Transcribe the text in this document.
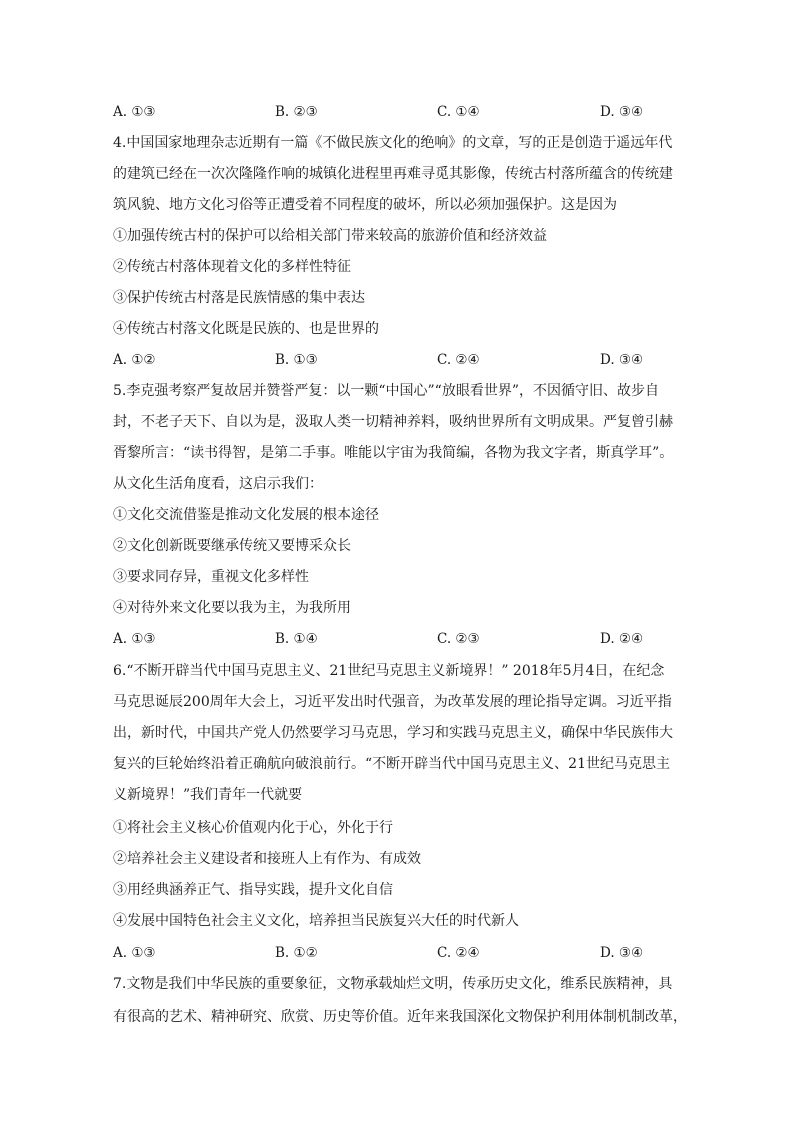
A. ①③	B. ②③	C. ①④	D. ③④
4.中国国家地理杂志近期有一篇《不做民族文化的绝响》的文章，写的正是创造于遥远年代
的建筑已经在一次次隆隆作响的城镇化进程里再难寻觅其影像，传统古村落所蕴含的传统建
筑风貌、地方文化习俗等正遭受着不同程度的破坏，所以必须加强保护。这是因为
①加强传统古村的保护可以给相关部门带来较高的旅游价值和经济效益
②传统古村落体现着文化的多样性特征
③保护传统古村落是民族情感的集中表达
④传统古村落文化既是民族的、也是世界的
A. ①②	B. ①③	C. ②④	D. ③④
5.李克强考察严复故居并赞誉严复：以一颗“中国心”“放眼看世界”，不因循守旧、故步自
封，不老子天下、自以为是，汲取人类一切精神养料，吸纳世界所有文明成果。严复曾引赫
胥黎所言：“读书得智，是第二手事。唯能以宇宙为我简编，各物为我文字者，斯真学耳”。
从文化生活角度看，这启示我们：
①文化交流借鉴是推动文化发展的根本途径
②文化创新既要继承传统又要博采众长
③要求同存异，重视文化多样性
④对待外来文化要以我为主，为我所用
A. ①③	B. ①④	C. ②③	D. ②④
6.“不断开辟当代中国马克思主义、21世纪马克思主义新境界！” 2018年5月4日，在纪念
马克思诞辰200周年大会上，习近平发出时代强音，为改革发展的理论指导定调。习近平指
出，新时代，中国共产党人仍然要学习马克思，学习和实践马克思主义，确保中华民族伟大
复兴的巨轮始终沿着正确航向破浪前行。“不断开辟当代中国马克思主义、21世纪马克思主
义新境界！”我们青年一代就要
①将社会主义核心价值观内化于心，外化于行
②培养社会主义建设者和接班人上有作为、有成效
③用经典涵养正气、指导实践，提升文化自信
④发展中国特色社会主义文化，培养担当民族复兴大任的时代新人
A. ①③	B. ①②	C. ②④	D. ③④
7.文物是我们中华民族的重要象征，文物承载灿烂文明，传承历史文化，维系民族精神，具
有很高的艺术、精神研究、欣赏、历史等价值。近年来我国深化文物保护利用体制机制改革，
